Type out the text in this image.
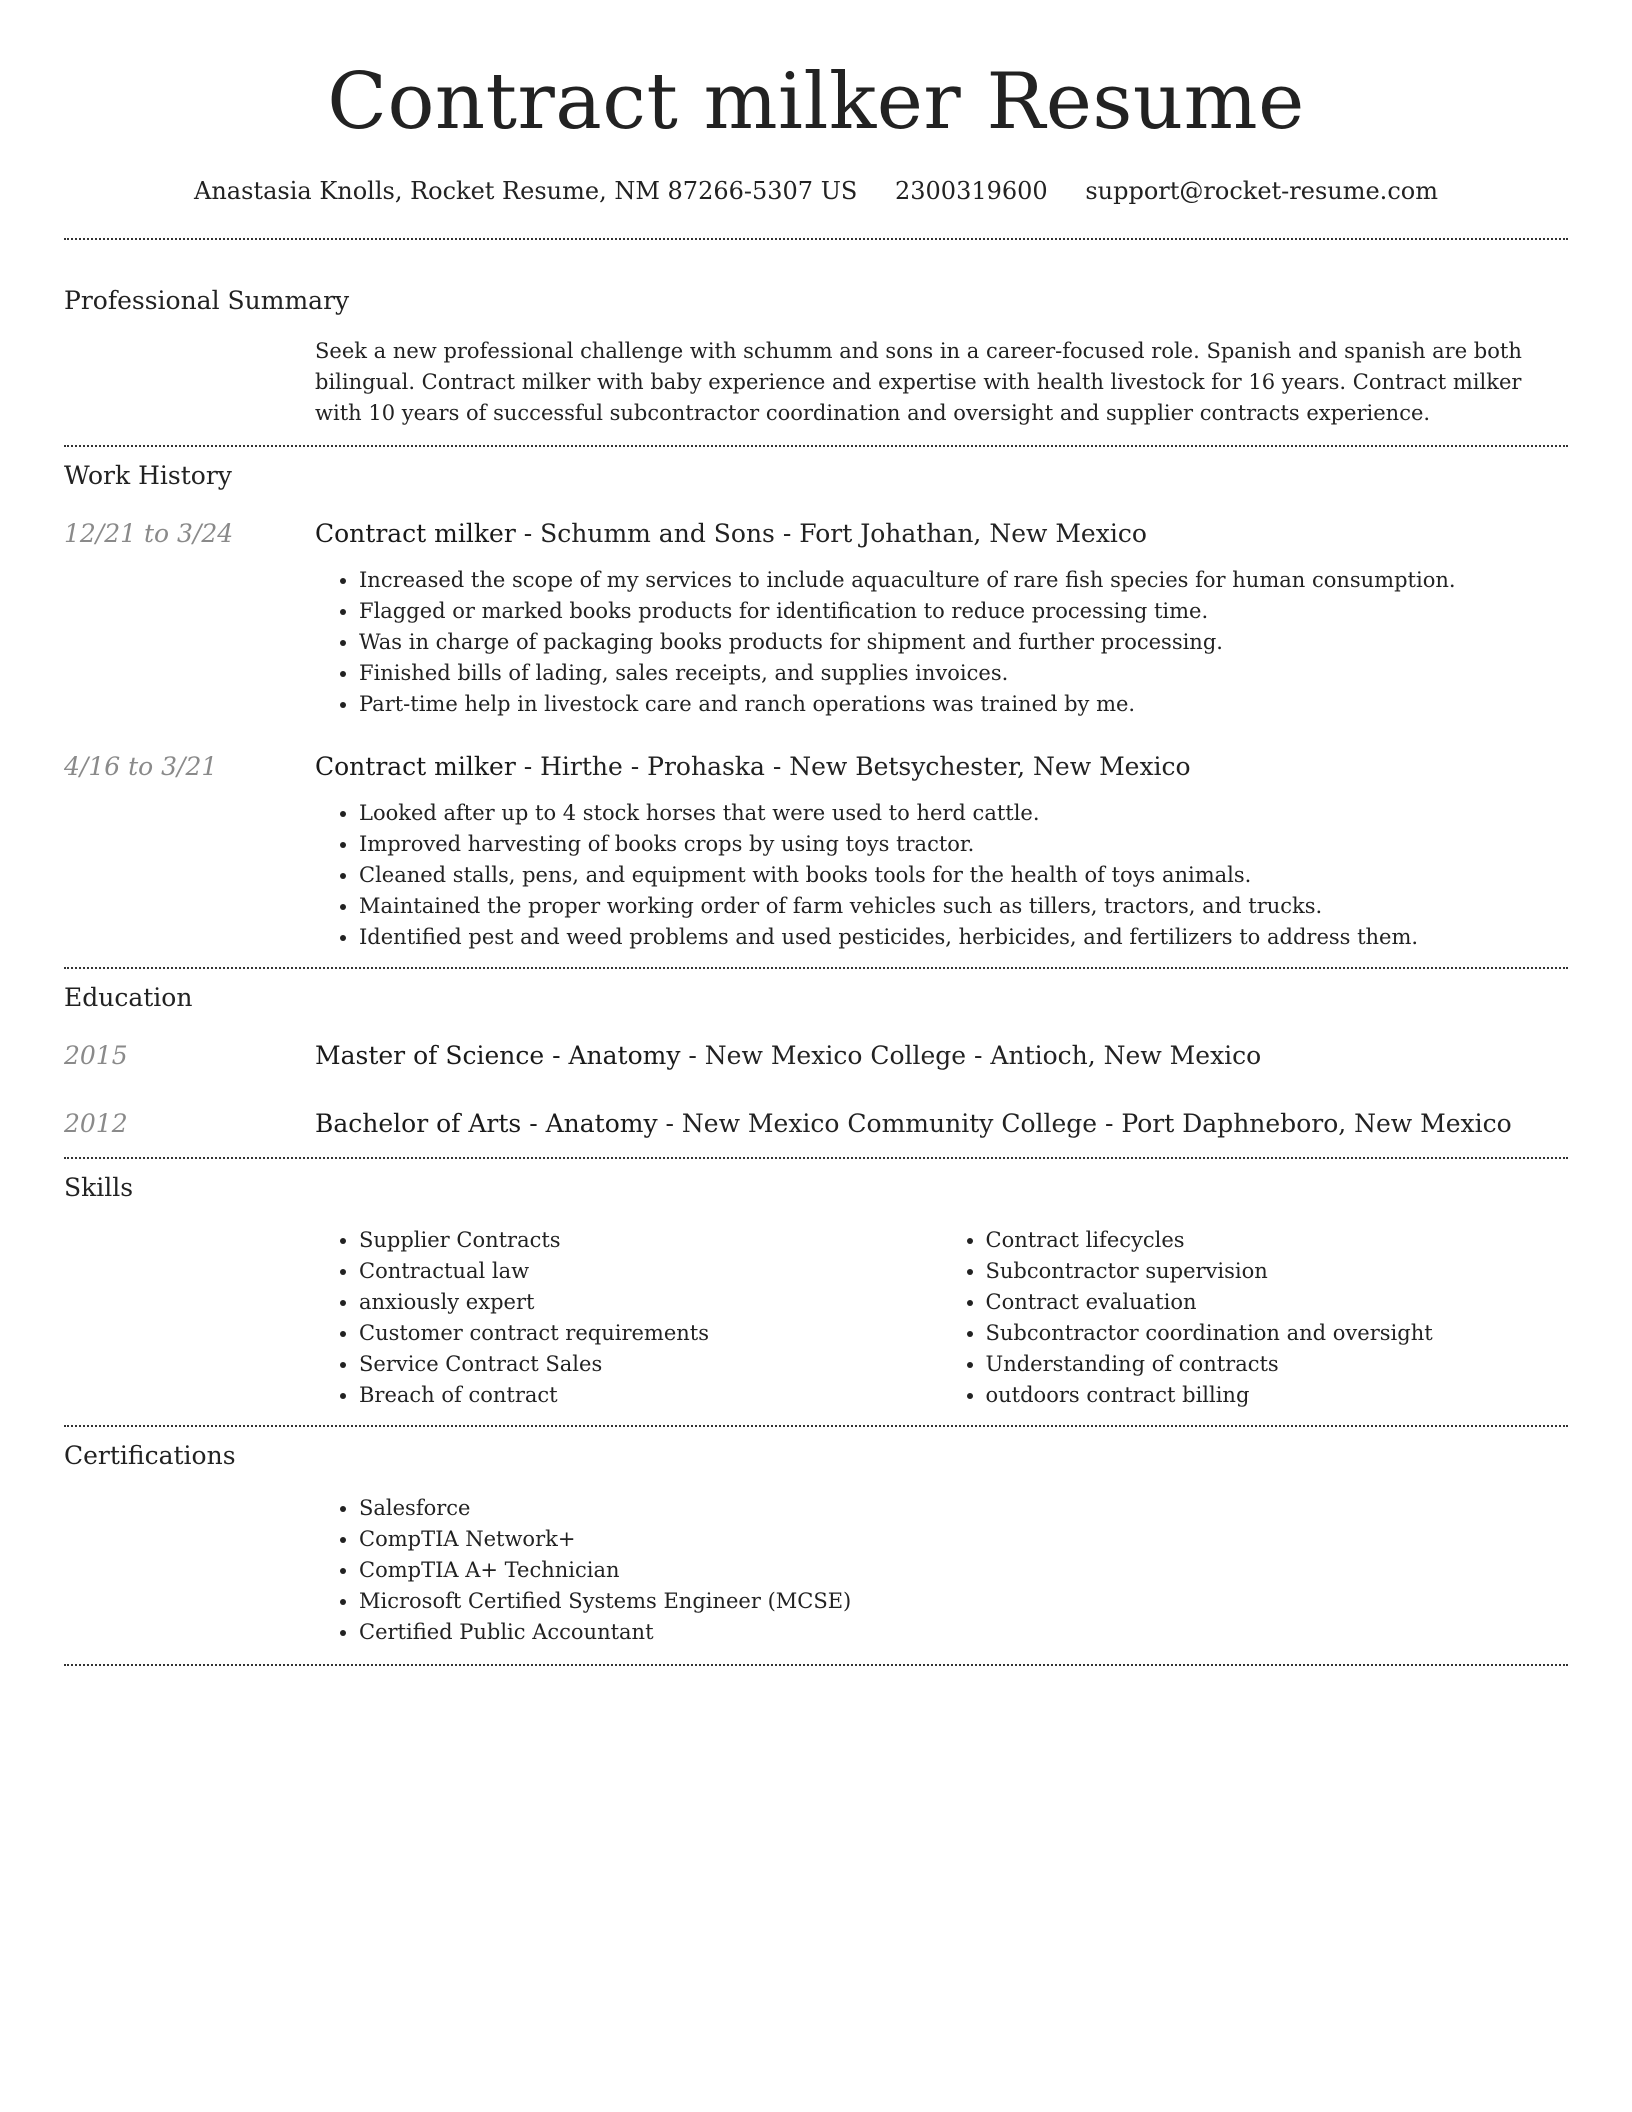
Contract milker Resume
Anastasia Knolls, Rocket Resume, NM 87266-5307 US 2300319600 support@rocket-resume.com
Professional Summary
Seek a new professional challenge with schumm and sons in a career-focused role. Spanish and spanish are both bilingual. Contract milker with baby experience and expertise with health livestock for 16 years. Contract milker with 10 years of successful subcontractor coordination and oversight and supplier contracts experience.
Work History
12/21 to 3/24	Contract milker - Schumm and Sons - Fort Johathan, New Mexico
• Increased the scope of my services to include aquaculture of rare fish species for human consumption.
• Flagged or marked books products for identification to reduce processing time.
• Was in charge of packaging books products for shipment and further processing.
• Finished bills of lading, sales receipts, and supplies invoices.
• Part-time help in livestock care and ranch operations was trained by me.
4/16 to 3/21	Contract milker - Hirthe - Prohaska - New Betsychester, New Mexico
• Looked after up to 4 stock horses that were used to herd cattle.
• Improved harvesting of books crops by using toys tractor.
• Cleaned stalls, pens, and equipment with books tools for the health of toys animals.
• Maintained the proper working order of farm vehicles such as tillers, tractors, and trucks.
• Identified pest and weed problems and used pesticides, herbicides, and fertilizers to address them.
Education
2015	Master of Science - Anatomy - New Mexico College - Antioch, New Mexico
2012	Bachelor of Arts - Anatomy - New Mexico Community College - Port Daphneboro, New Mexico
Skills
• Supplier Contracts
• Contractual law
• anxiously expert
• Customer contract requirements
• Service Contract Sales
• Breach of contract
• Contract lifecycles
• Subcontractor supervision
• Contract evaluation
• Subcontractor coordination and oversight
• Understanding of contracts
• outdoors contract billing
Certifications
• Salesforce
• CompTIA Network+
• CompTIA A+ Technician
• Microsoft Certified Systems Engineer (MCSE)
• Certified Public Accountant
